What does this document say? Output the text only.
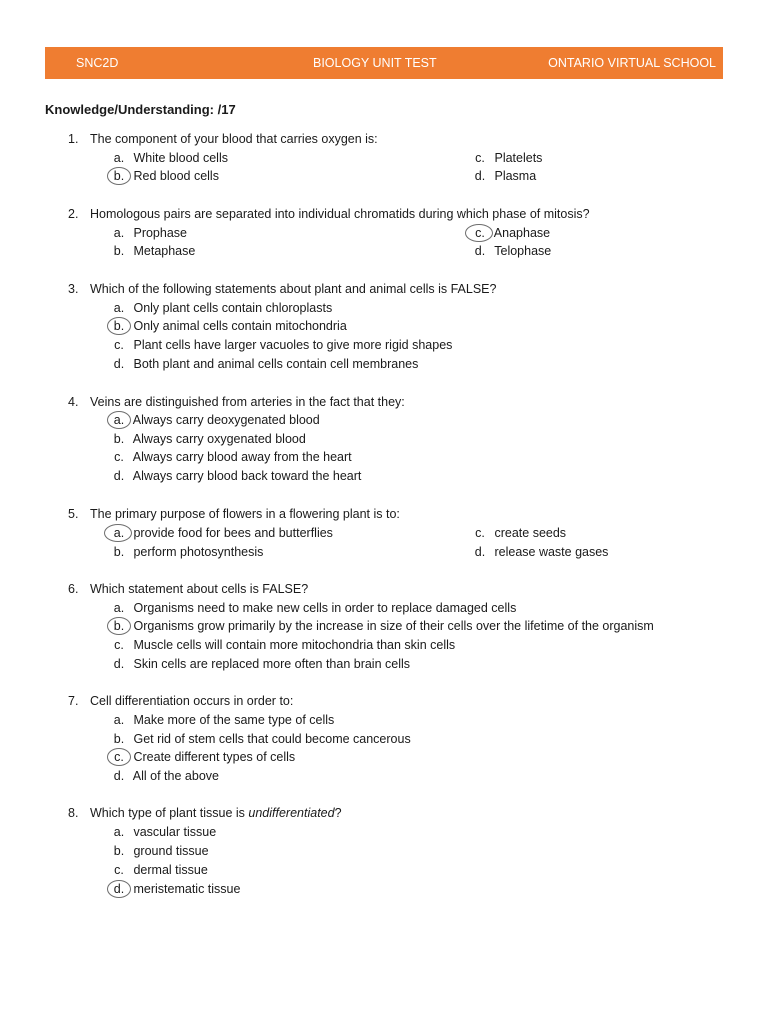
SNC2D	BIOLOGY UNIT TEST	ONTARIO VIRTUAL SCHOOL
Knowledge/Understanding: /17
1. The component of your blood that carries oxygen is:
a. White blood cells
b. Red blood cells
c. Platelets
d. Plasma
2. Homologous pairs are separated into individual chromatids during which phase of mitosis?
a. Prophase
b. Metaphase
c. Anaphase
d. Telophase
3. Which of the following statements about plant and animal cells is FALSE?
a. Only plant cells contain chloroplasts
b. Only animal cells contain mitochondria
c. Plant cells have larger vacuoles to give more rigid shapes
d. Both plant and animal cells contain cell membranes
4. Veins are distinguished from arteries in the fact that they:
a. Always carry deoxygenated blood
b. Always carry oxygenated blood
c. Always carry blood away from the heart
d. Always carry blood back toward the heart
5. The primary purpose of flowers in a flowering plant is to:
a. provide food for bees and butterflies
b. perform photosynthesis
c. create seeds
d. release waste gases
6. Which statement about cells is FALSE?
a. Organisms need to make new cells in order to replace damaged cells
b. Organisms grow primarily by the increase in size of their cells over the lifetime of the organism
c. Muscle cells will contain more mitochondria than skin cells
d. Skin cells are replaced more often than brain cells
7. Cell differentiation occurs in order to:
a. Make more of the same type of cells
b. Get rid of stem cells that could become cancerous
c. Create different types of cells
d. All of the above
8. Which type of plant tissue is undifferentiated?
a. vascular tissue
b. ground tissue
c. dermal tissue
d. meristematic tissue
